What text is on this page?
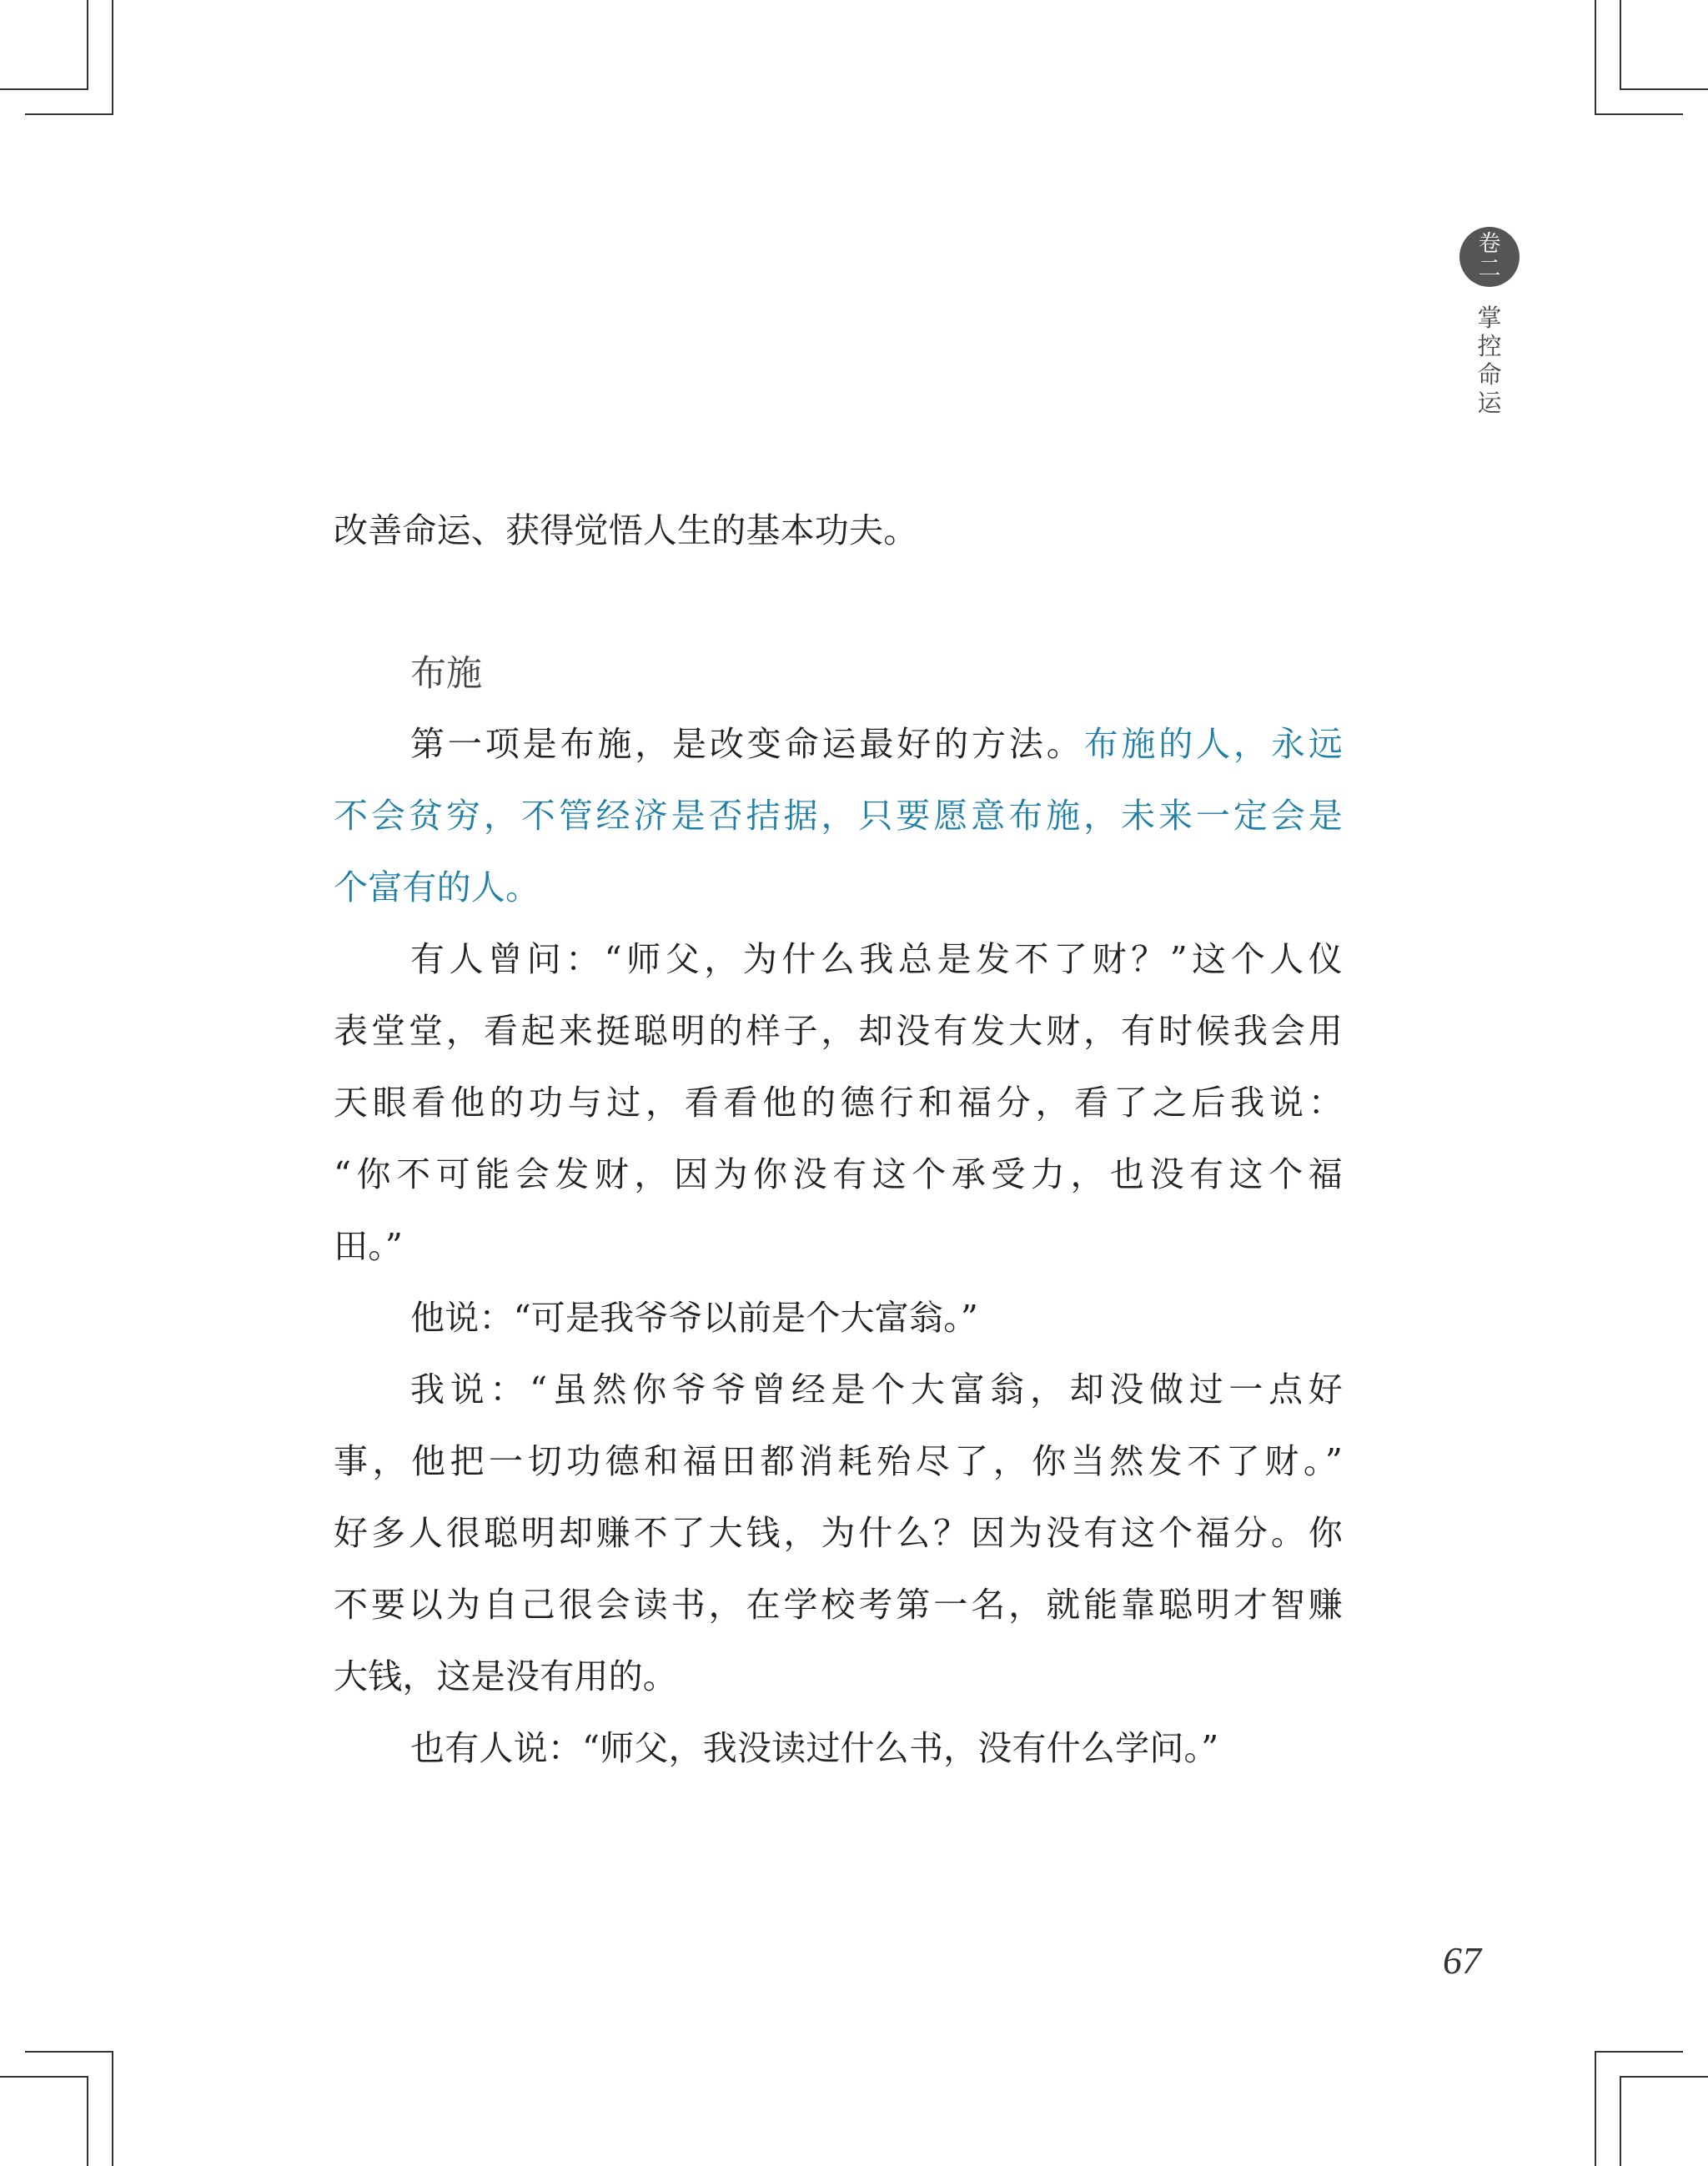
卷
二
掌
控
命
运
布施
改善命运、获得觉悟人生的基本功夫。
第一项是布施，是改变命运最好的方法。布施的人，永远
不会贫穷，不管经济是否拮据，只要愿意布施，未来一定会是
个富有的人。
有人曾问：“师父，为什么我总是发不了财？”这个人仪
表堂堂，看起来挺聪明的样子，却没有发大财，有时候我会用
天眼看他的功与过，看看他的德行和福分，看了之后我说：
“你不可能会发财，因为你没有这个承受力，也没有这个福
田。”
他说：“可是我爷爷以前是个大富翁。”
我说：“虽然你爷爷曾经是个大富翁，却没做过一点好
事，他把一切功德和福田都消耗殆尽了，你当然发不了财。”
好多人很聪明却赚不了大钱，为什么？因为没有这个福分。你
不要以为自己很会读书，在学校考第一名，就能靠聪明才智赚
大钱，这是没有用的。
也有人说：“师父，我没读过什么书，没有什么学问。”
67
